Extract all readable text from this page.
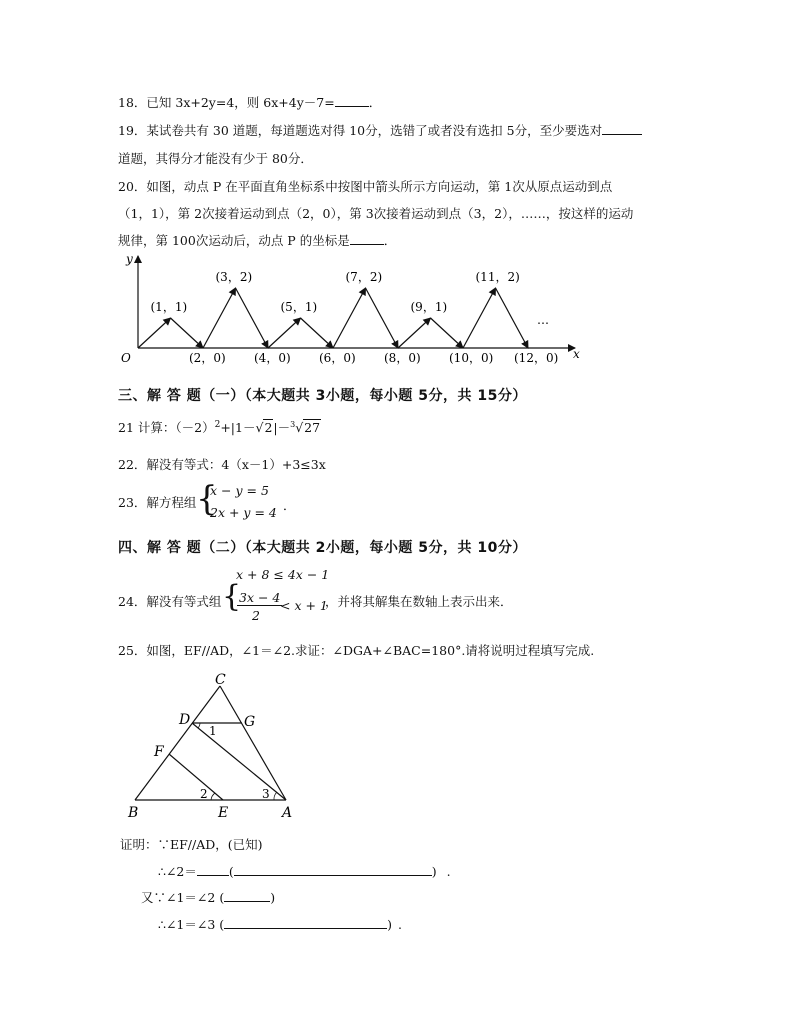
18．已知 3x+2y=4，则 6x+4y－7=	．
19．某试卷共有 30 道题，每道题选对得 10分，选错了或者没有选扣 5分，至少要选对
道题，其得分才能没有少于 80分．
20．如图，动点 P 在平面直角坐标系中按图中箭头所示方向运动，第 1次从原点运动到点
（1，1），第 2次接着运动到点（2，0），第 3次接着运动到点（3，2），……，按这样的运动
规律，第 100次运动后，动点 P 的坐标是	．
y
x
O
…
(1，1)
(3，2)
(5，1)
(7，2)
(9，1)
(11，2)
(2，0) (4，0) (6，0) (8，0) (10，0) (12，0)
三、解 答 题（一）（本大题共 3小题，每小题 5分，共 15分）
21 计算：$(-2)^2+|1-√2|-^3√27$
22．解没有等式：4（x－1）+3≤3x
23．解方程组 {
x − y = 5
2x + y = 4 ．
四、解 答 题（二）（本大题共 2小题，每小题 5分，共 10分）
x + 8 ≤ 4x − 1
24．解没有等式组 {
3x − 4
2
< x + 1
，并将其解集在数轴上表示出来．
25．如图，EF//AD，∠1＝∠2.求证：∠DGA+∠BAC=180°.请将说明过程填写完成.
C
D	G
F
B	E	A
1
2	3
证明：∵EF//AD，(已知)
∴∠2＝	(	) .
又∵∠1＝∠2 (	)
∴∠1＝∠3 (	) .
